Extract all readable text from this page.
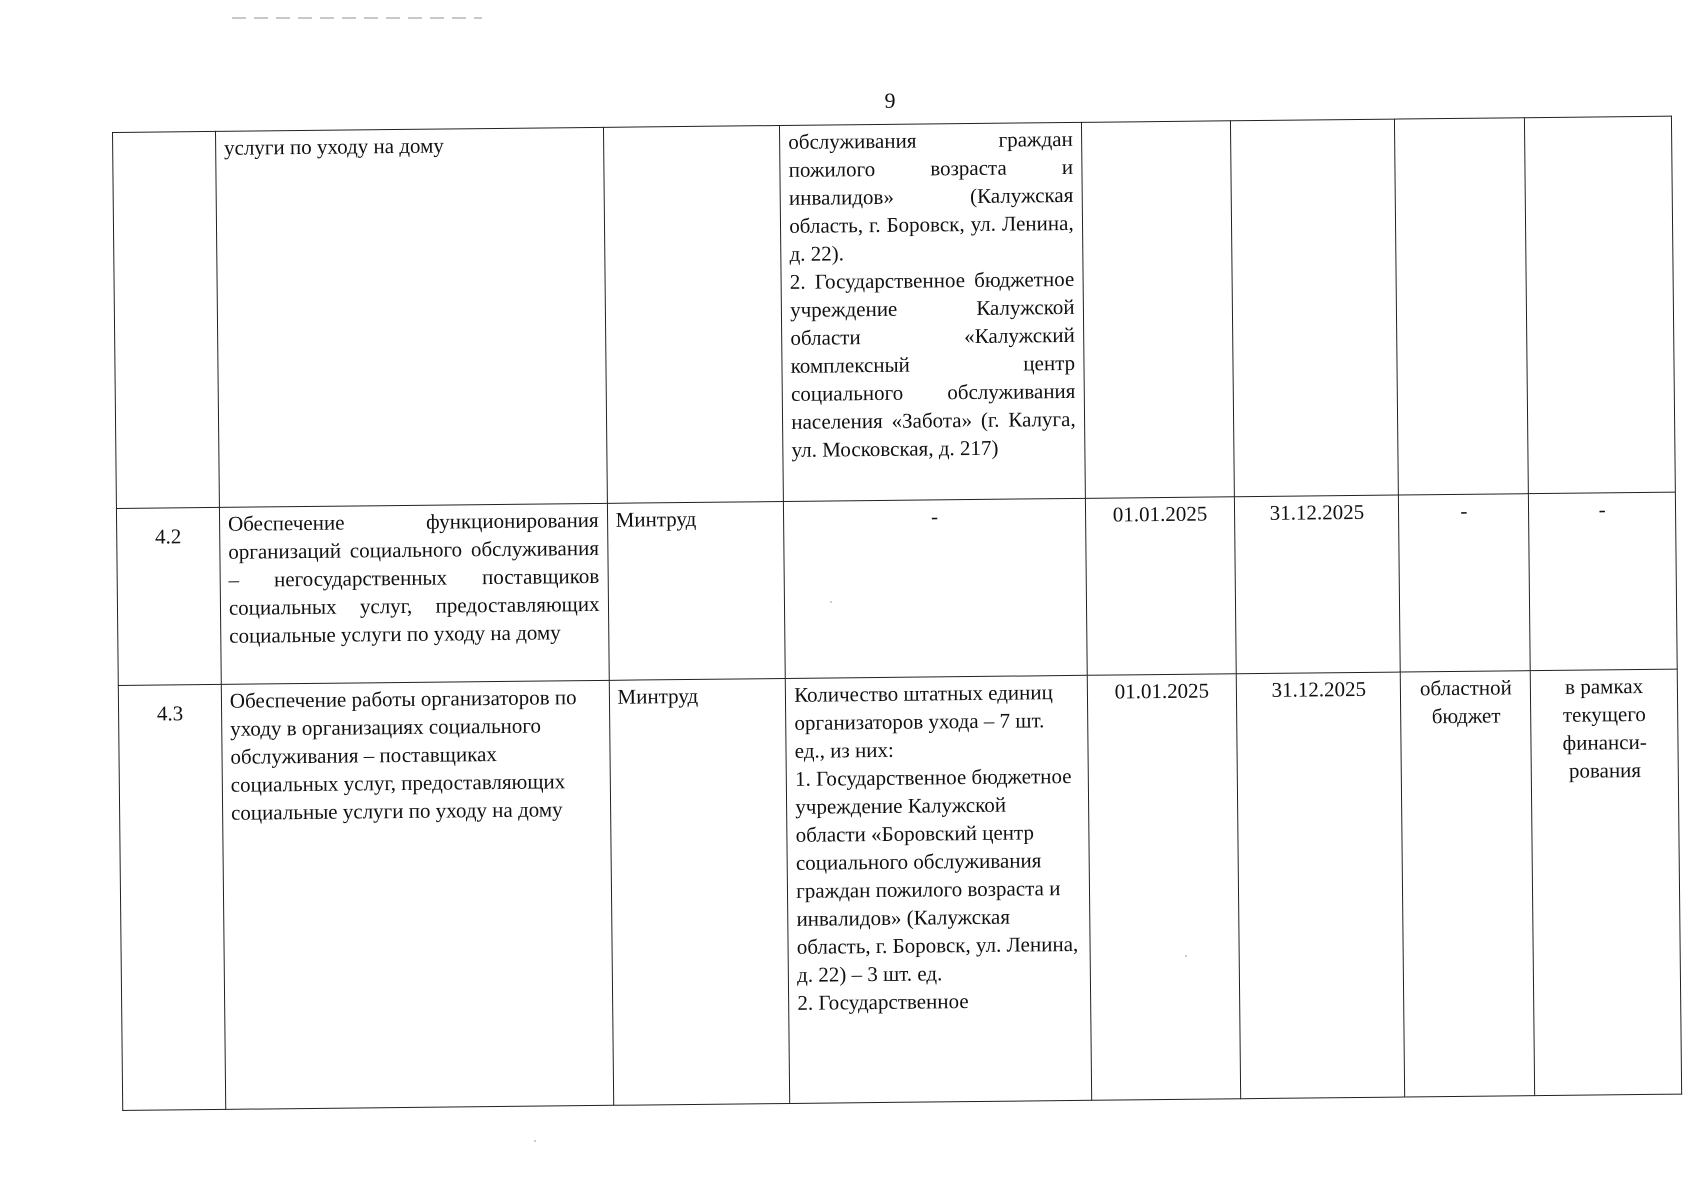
9
	услуги по уходу на дому		обслуживания граждан пожилого возраста и инвалидов» (Калужская область, г. Боровск, ул. Ленина, д. 22).
2. Государственное бюджетное учреждение Калужской области «Калужский комплексный центр социального обслуживания населения «Забота» (г. Калуга, ул. Московская, д. 217)				

4.2	Обеспечение функционирования организаций социального обслуживания – негосударственных поставщиков социальных услуг, предоставляющих социальные услуги по уходу на дому	Минтруд	-	01.01.2025	31.12.2025	-	-
4.3	Обеспечение работы организаторов по уходу в организациях социального обслуживания – поставщиках социальных услуг, предоставляющих социальные услуги по уходу на дому	Минтруд	Количество штатных единиц организаторов ухода – 7 шт. ед., из них:
1. Государственное бюджетное учреждение Калужской области «Боровский центр социального обслуживания граждан пожилого возраста и инвалидов» (Калужская область, г. Боровск, ул. Ленина, д. 22) – 3 шт. ед.
2. Государственное	01.01.2025	31.12.2025	областной бюджет	в рамках текущего финанси-рования
